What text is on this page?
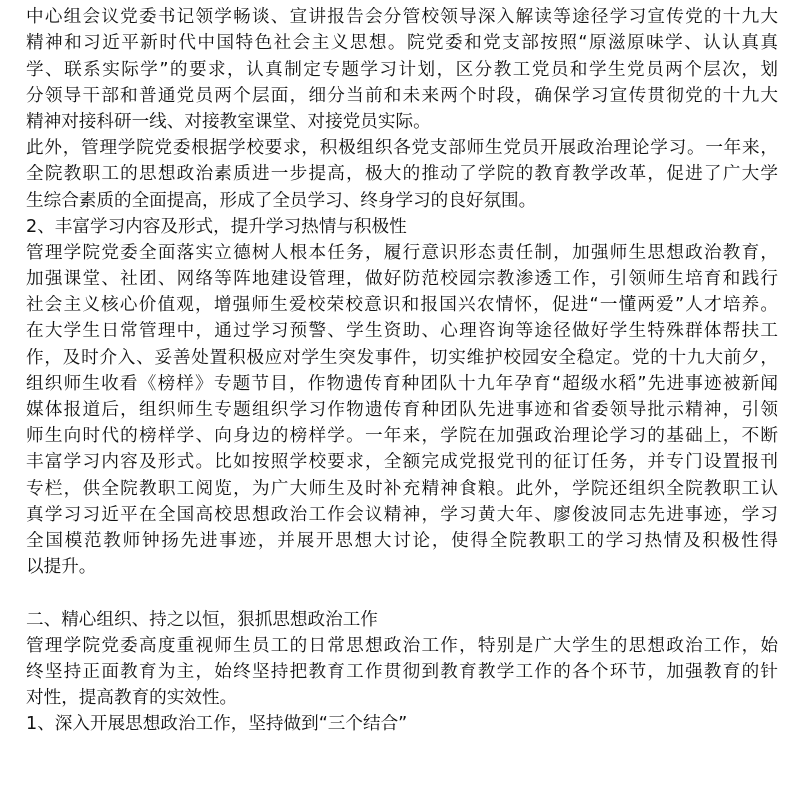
中心组会议党委书记领学畅谈、宣讲报告会分管校领导深入解读等途径学习宣传党的十九大
精神和习近平新时代中国特色社会主义思想。院党委和党支部按照“原滋原味学、认认真真
学、联系实际学”的要求，认真制定专题学习计划，区分教工党员和学生党员两个层次，划
分领导干部和普通党员两个层面，细分当前和未来两个时段，确保学习宣传贯彻党的十九大
精神对接科研一线、对接教室课堂、对接党员实际。
此外，管理学院党委根据学校要求，积极组织各党支部师生党员开展政治理论学习。一年来，
全院教职工的思想政治素质进一步提高，极大的推动了学院的教育教学改革，促进了广大学
生综合素质的全面提高，形成了全员学习、终身学习的良好氛围。
2、丰富学习内容及形式，提升学习热情与积极性
管理学院党委全面落实立德树人根本任务，履行意识形态责任制，加强师生思想政治教育，
加强课堂、社团、网络等阵地建设管理，做好防范校园宗教渗透工作，引领师生培育和践行
社会主义核心价值观，增强师生爱校荣校意识和报国兴农情怀，促进“一懂两爱”人才培养。
在大学生日常管理中，通过学习预警、学生资助、心理咨询等途径做好学生特殊群体帮扶工
作，及时介入、妥善处置积极应对学生突发事件，切实维护校园安全稳定。党的十九大前夕，
组织师生收看《榜样》专题节目，作物遗传育种团队十九年孕育“超级水稻”先进事迹被新闻
媒体报道后，组织师生专题组织学习作物遗传育种团队先进事迹和省委领导批示精神，引领
师生向时代的榜样学、向身边的榜样学。一年来，学院在加强政治理论学习的基础上，不断
丰富学习内容及形式。比如按照学校要求，全额完成党报党刊的征订任务，并专门设置报刊
专栏，供全院教职工阅览，为广大师生及时补充精神食粮。此外，学院还组织全院教职工认
真学习习近平在全国高校思想政治工作会议精神，学习黄大年、廖俊波同志先进事迹，学习
全国模范教师钟扬先进事迹，并展开思想大讨论，使得全院教职工的学习热情及积极性得
以提升。
二、精心组织、持之以恒，狠抓思想政治工作
管理学院党委高度重视师生员工的日常思想政治工作，特别是广大学生的思想政治工作，始
终坚持正面教育为主，始终坚持把教育工作贯彻到教育教学工作的各个环节，加强教育的针
对性，提高教育的实效性。
1、深入开展思想政治工作，坚持做到“三个结合”
